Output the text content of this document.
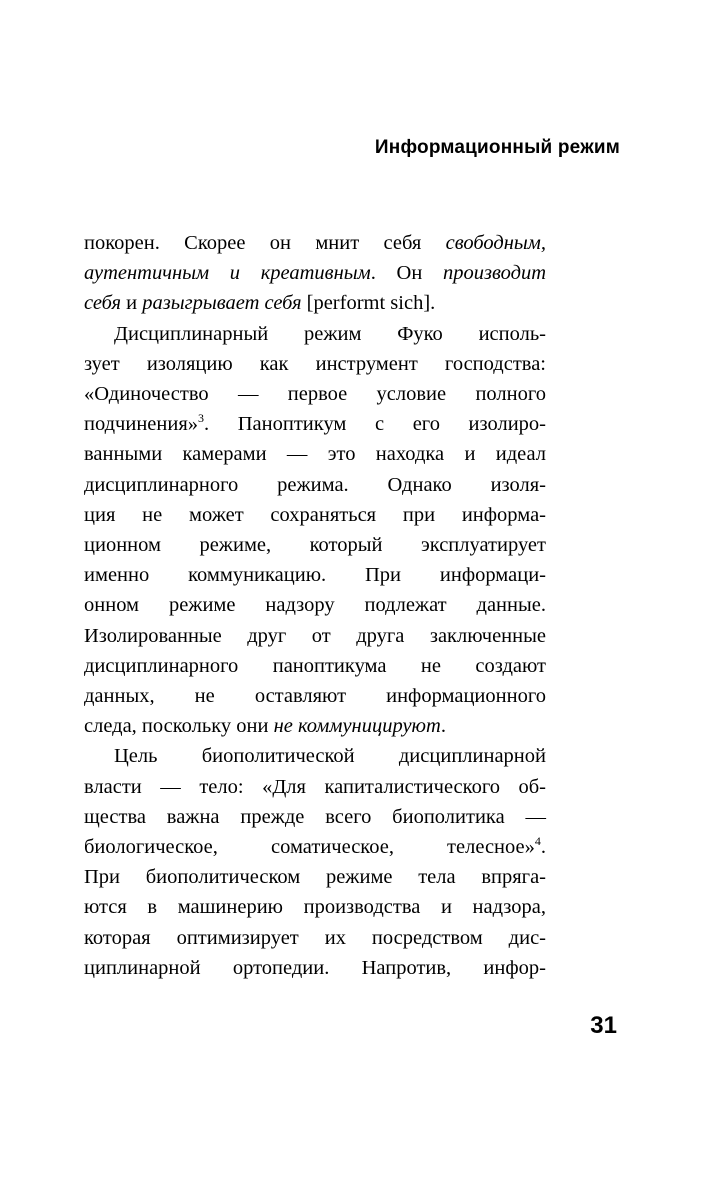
Информационный режим
покорен. Скорее он мнит себя свободным,
аутентичным и креативным. Он производит
себя и разыгрывает себя [performt sich].
Дисциплинарный режим Фуко исполь-
зует изоляцию как инструмент господства:
«Одиночество — первое условие полного
подчинения»$^3$. Паноптикум с его изолиро-
ванными камерами — это находка и идеал
дисциплинарного режима. Однако изоля-
ция не может сохраняться при информа-
ционном режиме, который эксплуатирует
именно коммуникацию. При информаци-
онном режиме надзору подлежат данные.
Изолированные друг от друга заключенные
дисциплинарного паноптикума не создают
данных, не оставляют информационного
следа, поскольку они не коммуницируют.
Цель биополитической дисциплинарной
власти — тело: «Для капиталистического об-
щества важна прежде всего биополитика —
биологическое, соматическое, телесное»$^4$.
При биополитическом режиме тела впряга-
ются в машинерию производства и надзора,
которая оптимизирует их посредством дис-
циплинарной ортопедии. Напротив, инфор-
31
